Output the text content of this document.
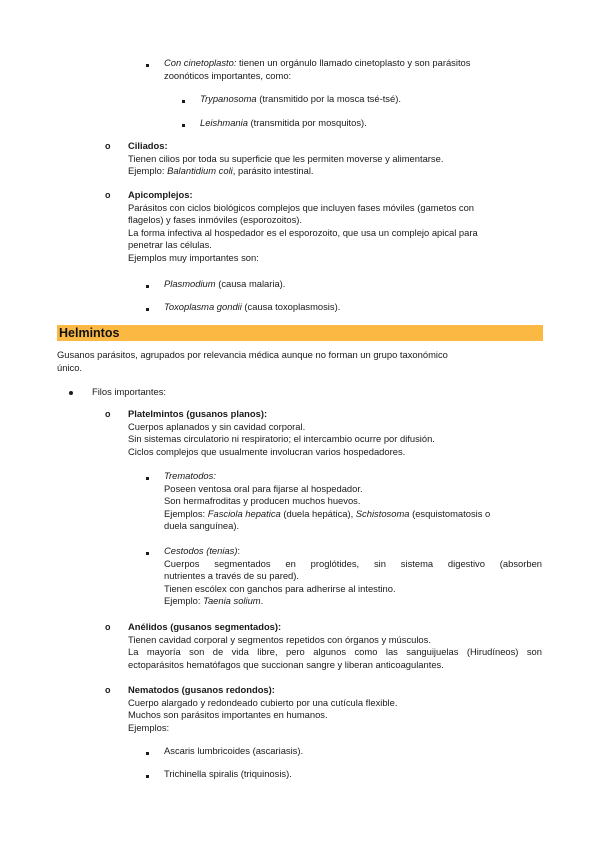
Con cinetoplasto: tienen un orgánulo llamado cinetoplasto y son parásitos
zoonóticos importantes, como:
Trypanosoma (transmitido por la mosca tsé-tsé).
Leishmania (transmitida por mosquitos).
o Ciliados:
Tienen cilios por toda su superficie que les permiten moverse y alimentarse.
Ejemplo: Balantidium coli, parásito intestinal.
o Apicomplejos:
Parásitos con ciclos biológicos complejos que incluyen fases móviles (gametos con
flagelos) y fases inmóviles (esporozoitos).
La forma infectiva al hospedador es el esporozoito, que usa un complejo apical para
penetrar las células.
Ejemplos muy importantes son:
Plasmodium (causa malaria).
Toxoplasma gondii (causa toxoplasmosis).
Helmintos
Gusanos parásitos, agrupados por relevancia médica aunque no forman un grupo taxonómico
único.
Filos importantes:
o Platelmintos (gusanos planos):
Cuerpos aplanados y sin cavidad corporal.
Sin sistemas circulatorio ni respiratorio; el intercambio ocurre por difusión.
Ciclos complejos que usualmente involucran varios hospedadores.
Trematodos:
Poseen ventosa oral para fijarse al hospedador.
Son hermafroditas y producen muchos huevos.
Ejemplos: Fasciola hepatica (duela hepática), Schistosoma (esquistomatosis o
duela sanguínea).
Cestodos (tenias):
Cuerpos segmentados en proglótides, sin sistema digestivo (absorben
nutrientes a través de su pared).
Tienen escólex con ganchos para adherirse al intestino.
Ejemplo: Taenia solium.
o Anélidos (gusanos segmentados):
Tienen cavidad corporal y segmentos repetidos con órganos y músculos.
La mayoría son de vida libre, pero algunos como las sanguijuelas (Hirudíneos) son
ectoparásitos hematófagos que succionan sangre y liberan anticoagulantes.
o Nematodos (gusanos redondos):
Cuerpo alargado y redondeado cubierto por una cutícula flexible.
Muchos son parásitos importantes en humanos.
Ejemplos:
Ascaris lumbricoides (ascariasis).
Trichinella spiralis (triquinosis).
